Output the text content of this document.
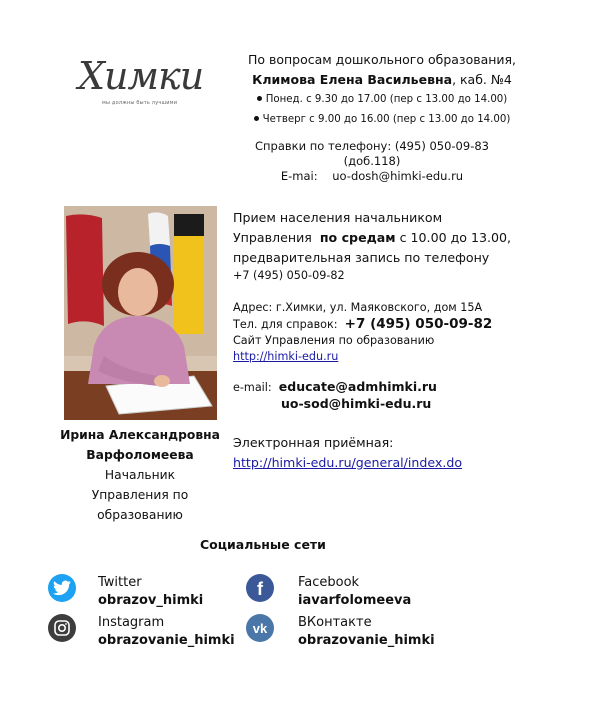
Химки
мы должны быть лучшими
По вопросам дошкольного образования,
Климова Елена Васильевна, каб. №4
Понед. с 9.30 до 17.00 (пер с 13.00 до 14.00)
Четверг с 9.00 до 16.00 (пер с 13.00 до 14.00)
Справки по телефону: (495) 050-09-83
(доб.118)
E-mai: uo-dosh@himki-edu.ru
Ирина Александровна
Варфоломеева
Начальник
Управления по
образованию
Прием населения начальником
Управления по средам с 10.00 до 13.00,
предварительная запись по телефону
+7 (495) 050-09-82
Адрес: г.Химки, ул. Маяковского, дом 15А
Тел. для справок: +7 (495) 050-09-82
Сайт Управления по образованию
http://himki-edu.ru
e-mail: educate@admhimki.ru
uo-sod@himki-edu.ru
Электронная приёмная:
http://himki-edu.ru/general/index.do
Социальные сети
Twitter
obrazov_himki
f	Facebook
iavarfolomeeva
Instagram
obrazovanie_himki
vk ВКонтакте
obrazovanie_himki
